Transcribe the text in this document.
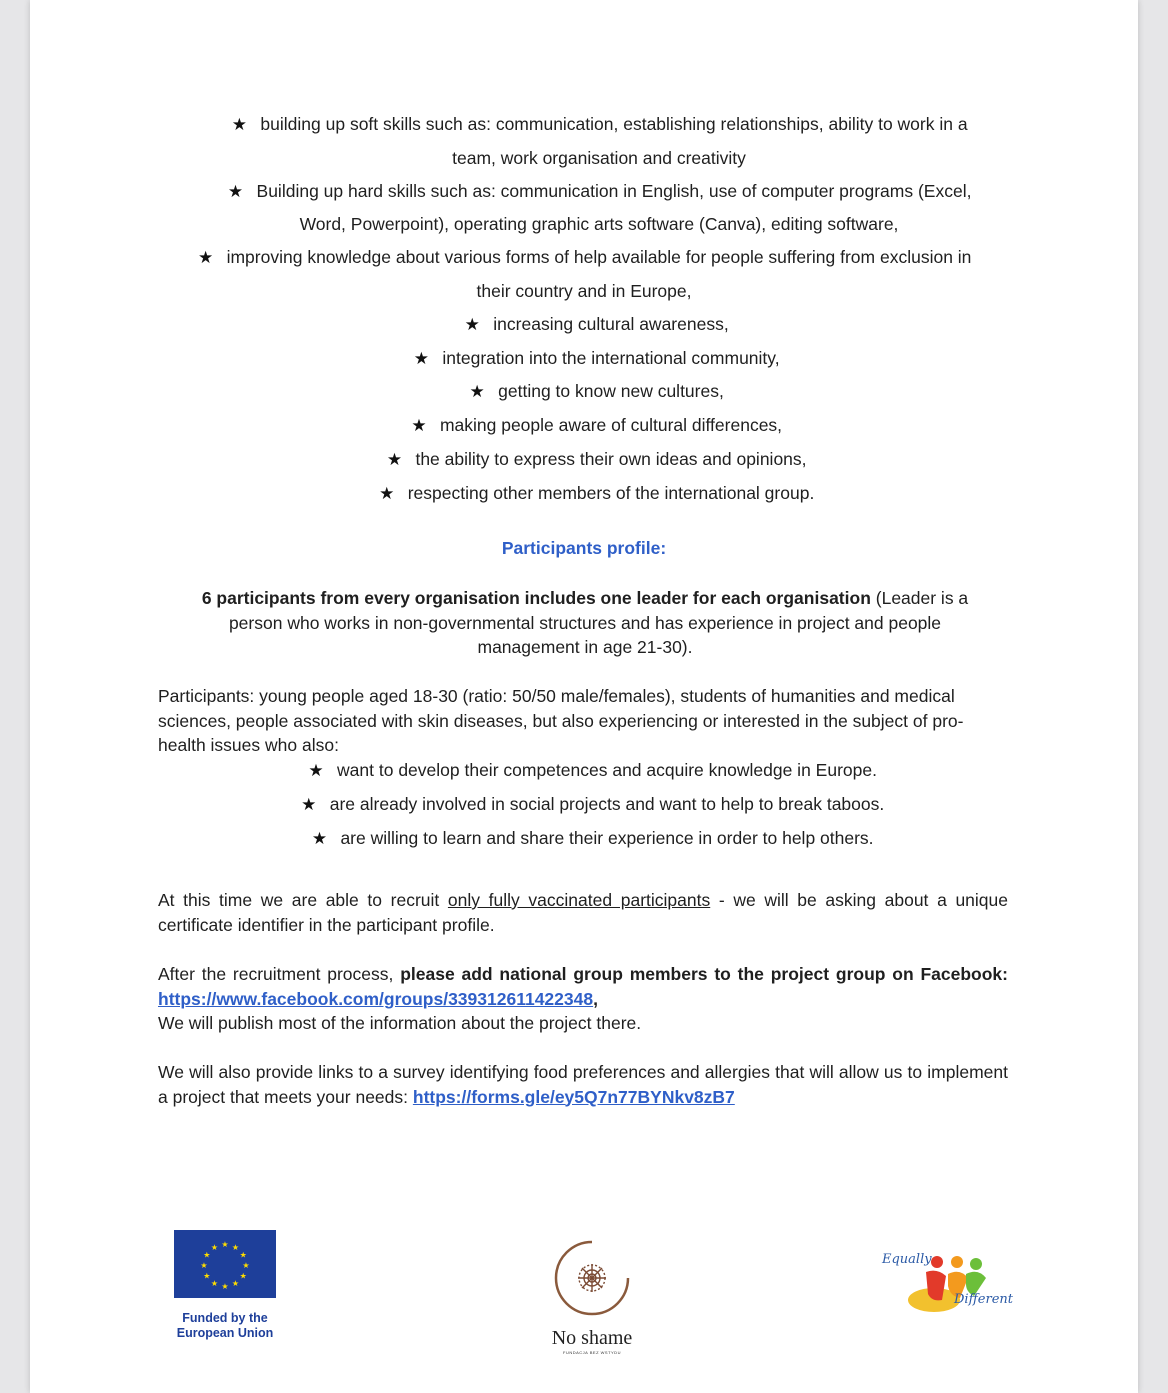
★ building up soft skills such as: communication, establishing relationships, ability to work in a
team, work organisation and creativity
★ Building up hard skills such as: communication in English, use of computer programs (Excel,
Word, Powerpoint), operating graphic arts software (Canva), editing software,
★ improving knowledge about various forms of help available for people suffering from exclusion in
their country and in Europe,
★ increasing cultural awareness,
★ integration into the international community,
★ getting to know new cultures,
★ making people aware of cultural differences,
★ the ability to express their own ideas and opinions,
★ respecting other members of the international group.
Participants profile:
6 participants from every organisation includes one leader for each organisation (Leader is a person who works in non-governmental structures and has experience in project and people management in age 21-30).
Participants: young people aged 18-30 (ratio: 50/50 male/females), students of humanities and medical sciences, people associated with skin diseases, but also experiencing or interested in the subject of pro-health issues who also:
★ want to develop their competences and acquire knowledge in Europe.
★ are already involved in social projects and want to help to break taboos.
★ are willing to learn and share their experience in order to help others.
At this time we are able to recruit only fully vaccinated participants - we will be asking about a unique certificate identifier in the participant profile.
After the recruitment process, please add national group members to the project group on Facebook: https://www.facebook.com/groups/339312611422348,
We will publish most of the information about the project there.
We will also provide links to a survey identifying food preferences and allergies that will allow us to implement a project that meets your needs: https://forms.gle/ey5Q7n77BYNkv8zB7
★ ★
★
★
★
★
★
★
★
★
★
★
Funded by the European Union	No shame
FUNDACJA BEZ WSTYDU
Equally
Different
